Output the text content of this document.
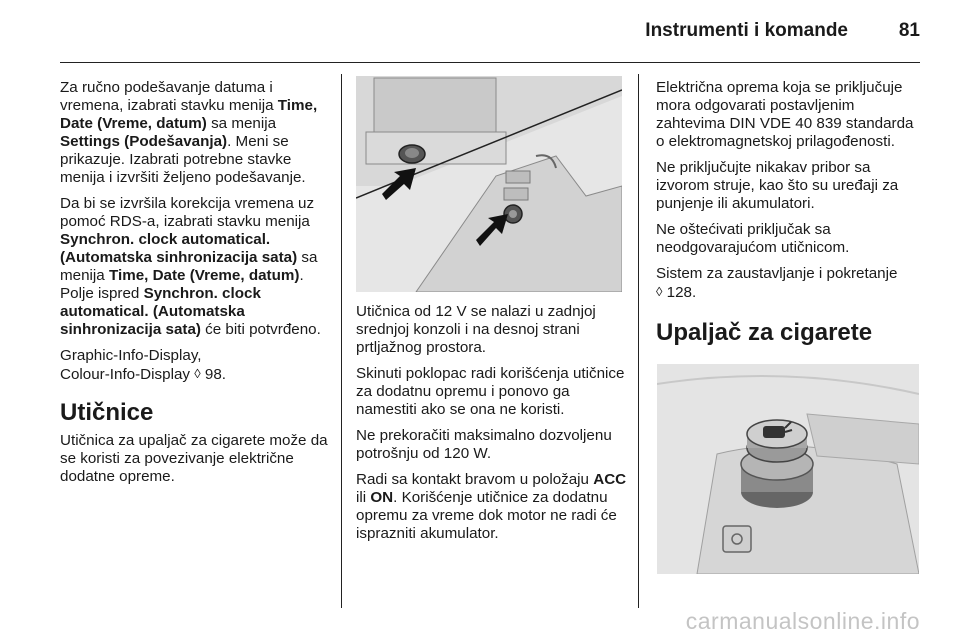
Instrumenti i komande	81

Za ručno podešavanje datuma i vremena, izabrati stavku menija Time, Date (Vreme, datum) sa menija Settings (Podešavanja). Meni se prikazuje. Izabrati potrebne stavke menija i izvršiti željeno podešavanje.

Da bi se izvršila korekcija vremena uz pomoć RDS-a, izabrati stavku menija Synchron. clock automatical. (Automatska sinhronizacija sata) sa menija Time, Date (Vreme, datum). Polje ispred Synchron. clock automatical. (Automatska sinhronizacija sata) će biti potvrđeno.

Graphic-Info-Display,
Colour-Info-Display ◊ 98.

Utičnice

Utičnica za upaljač za cigarete može da se koristi za povezivanje električne dodatne opreme.

Utičnica od 12 V se nalazi u zadnjoj srednjoj konzoli i na desnoj strani prtljažnog prostora.

Skinuti poklopac radi korišćenja utičnice za dodatnu opremu i ponovo ga namestiti ako se ona ne koristi.

Ne prekoračiti maksimalno dozvoljenu potrošnju od 120 W.

Radi sa kontakt bravom u položaju ACC ili ON. Korišćenje utičnice za dodatnu opremu za vreme dok motor ne radi će isprazniti akumulator.

Električna oprema koja se priključuje mora odgovarati postavljenim zahtevima DIN VDE 40 839 standarda o elektromagnetskoj prilagođenosti.

Ne priključujte nikakav pribor sa izvorom struje, kao što su uređaji za punjenje ili akumulatori.

Ne oštećivati priključak sa neodgovarajućom utičnicom.

Sistem za zaustavljanje i pokretanje
◊ 128.

Upaljač za cigarete
carmanualsonline.info
